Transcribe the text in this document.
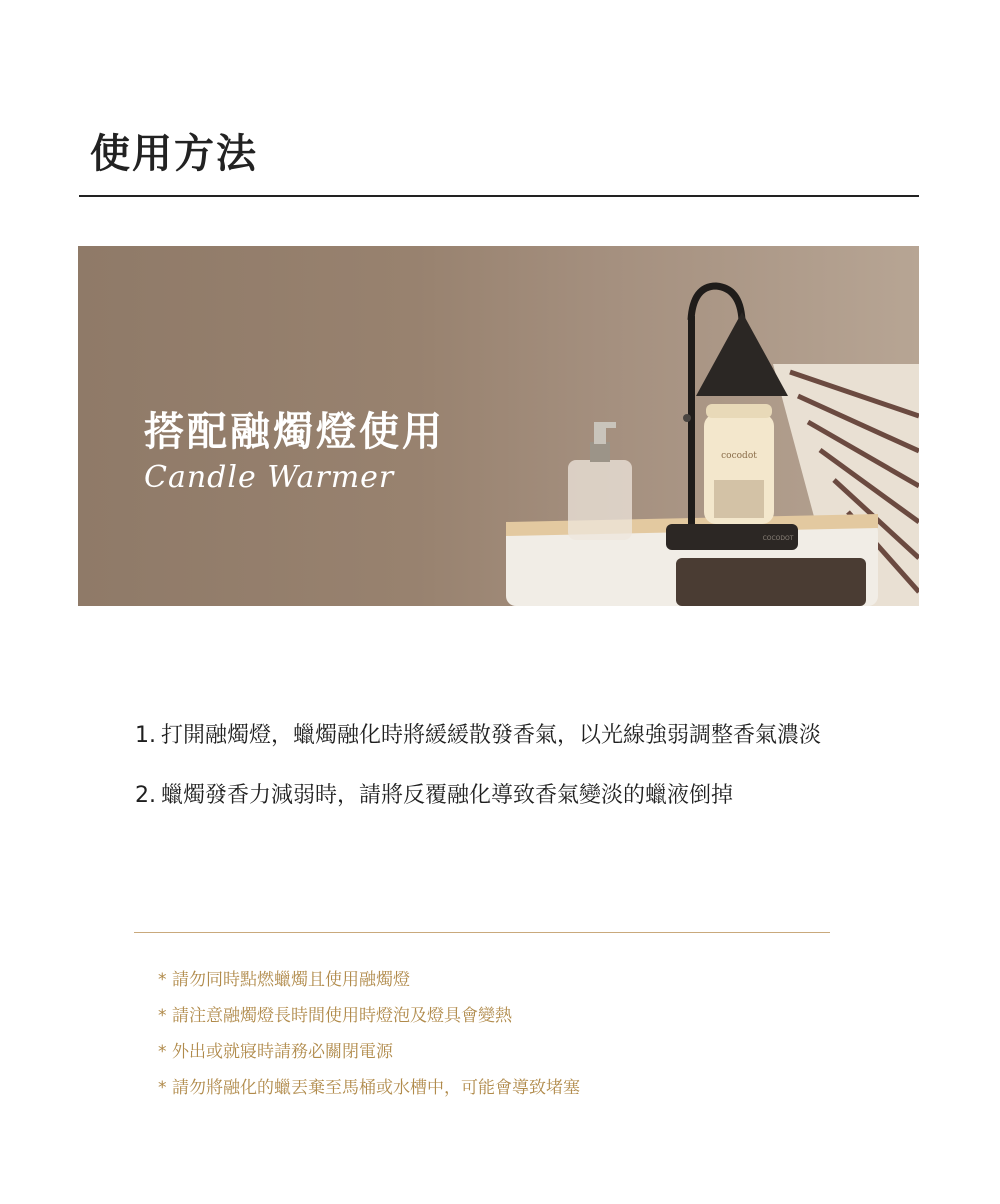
使用方法
cocodot
COCODOT
搭配融燭燈使用
Candle Warmer
1. 打開融燭燈，蠟燭融化時將緩緩散發香氣，以光線強弱調整香氣濃淡
2. 蠟燭發香力減弱時，請將反覆融化導致香氣變淡的蠟液倒掉
* 請勿同時點燃蠟燭且使用融燭燈
* 請注意融燭燈長時間使用時燈泡及燈具會變熱
* 外出或就寢時請務必關閉電源
* 請勿將融化的蠟丟棄至馬桶或水槽中，可能會導致堵塞
